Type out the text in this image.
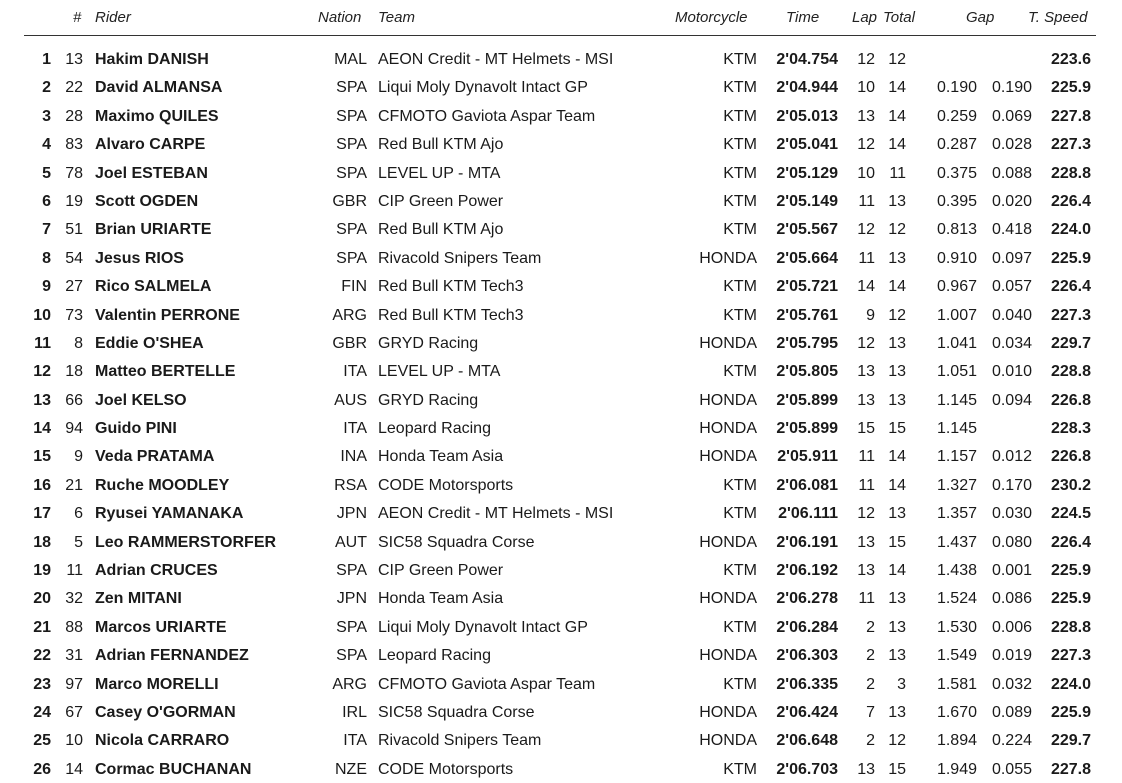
# Rider	Nation Team	Motorcycle	Time Lap Total	Gap T. Speed
1 13 Hakim DANISH	MAL AEON Credit - MT Helmets - MSI	KTM 2'04.754 12 12	223.6
2 22 David ALMANSA	SPA Liqui Moly Dynavolt Intact GP	KTM 2'04.944 10 14 0.190 0.190 225.9
3 28 Maximo QUILES	SPA CFMOTO Gaviota Aspar Team	KTM 2'05.013 13 14 0.259 0.069 227.8
4 83 Alvaro CARPE	SPA Red Bull KTM Ajo	KTM 2'05.041 12 14 0.287 0.028 227.3
5 78 Joel ESTEBAN	SPA LEVEL UP - MTA	KTM 2'05.129 10 11 0.375 0.088 228.8
6 19 Scott OGDEN	GBR CIP Green Power	KTM 2'05.149 11 13 0.395 0.020 226.4
7 51 Brian URIARTE	SPA Red Bull KTM Ajo	KTM 2'05.567 12 12 0.813 0.418 224.0
8 54 Jesus RIOS	SPA Rivacold Snipers Team	HONDA 2'05.664 11 13 0.910 0.097 225.9
9 27 Rico SALMELA	FIN Red Bull KTM Tech3	KTM 2'05.721 14 14 0.967 0.057 226.4
10 73 Valentin PERRONE	ARG Red Bull KTM Tech3	KTM 2'05.761 9 12 1.007 0.040 227.3
11 8 Eddie O'SHEA	GBR GRYD Racing	HONDA 2'05.795 12 13 1.041 0.034 229.7
12 18 Matteo BERTELLE	ITA LEVEL UP - MTA	KTM 2'05.805 13 13 1.051 0.010 228.8
13 66 Joel KELSO	AUS GRYD Racing	HONDA 2'05.899 13 13 1.145 0.094 226.8
14 94 Guido PINI	ITA Leopard Racing	HONDA 2'05.899 15 15 1.145	228.3
15 9 Veda PRATAMA	INA Honda Team Asia	HONDA 2'05.911 11 14 1.157 0.012 226.8
16 21 Ruche MOODLEY	RSA CODE Motorsports	KTM 2'06.081 11 14 1.327 0.170 230.2
17 6 Ryusei YAMANAKA	JPN AEON Credit - MT Helmets - MSI	KTM 2'06.111 12 13 1.357 0.030 224.5
18 5 Leo RAMMERSTORFER	AUT SIC58 Squadra Corse	HONDA 2'06.191 13 15 1.437 0.080 226.4
19 11 Adrian CRUCES	SPA CIP Green Power	KTM 2'06.192 13 14 1.438 0.001 225.9
20 32 Zen MITANI	JPN Honda Team Asia	HONDA 2'06.278 11 13 1.524 0.086 225.9
21 88 Marcos URIARTE	SPA Liqui Moly Dynavolt Intact GP	KTM 2'06.284 2 13 1.530 0.006 228.8
22 31 Adrian FERNANDEZ	SPA Leopard Racing	HONDA 2'06.303 2 13 1.549 0.019 227.3
23 97 Marco MORELLI	ARG CFMOTO Gaviota Aspar Team	KTM 2'06.335 2 3 1.581 0.032 224.0
24 67 Casey O'GORMAN	IRL SIC58 Squadra Corse	HONDA 2'06.424 7 13 1.670 0.089 225.9
25 10 Nicola CARRARO	ITA Rivacold Snipers Team	HONDA 2'06.648 2 12 1.894 0.224 229.7
26 14 Cormac BUCHANAN	NZE CODE Motorsports	KTM 2'06.703 13 15 1.949 0.055 227.8
